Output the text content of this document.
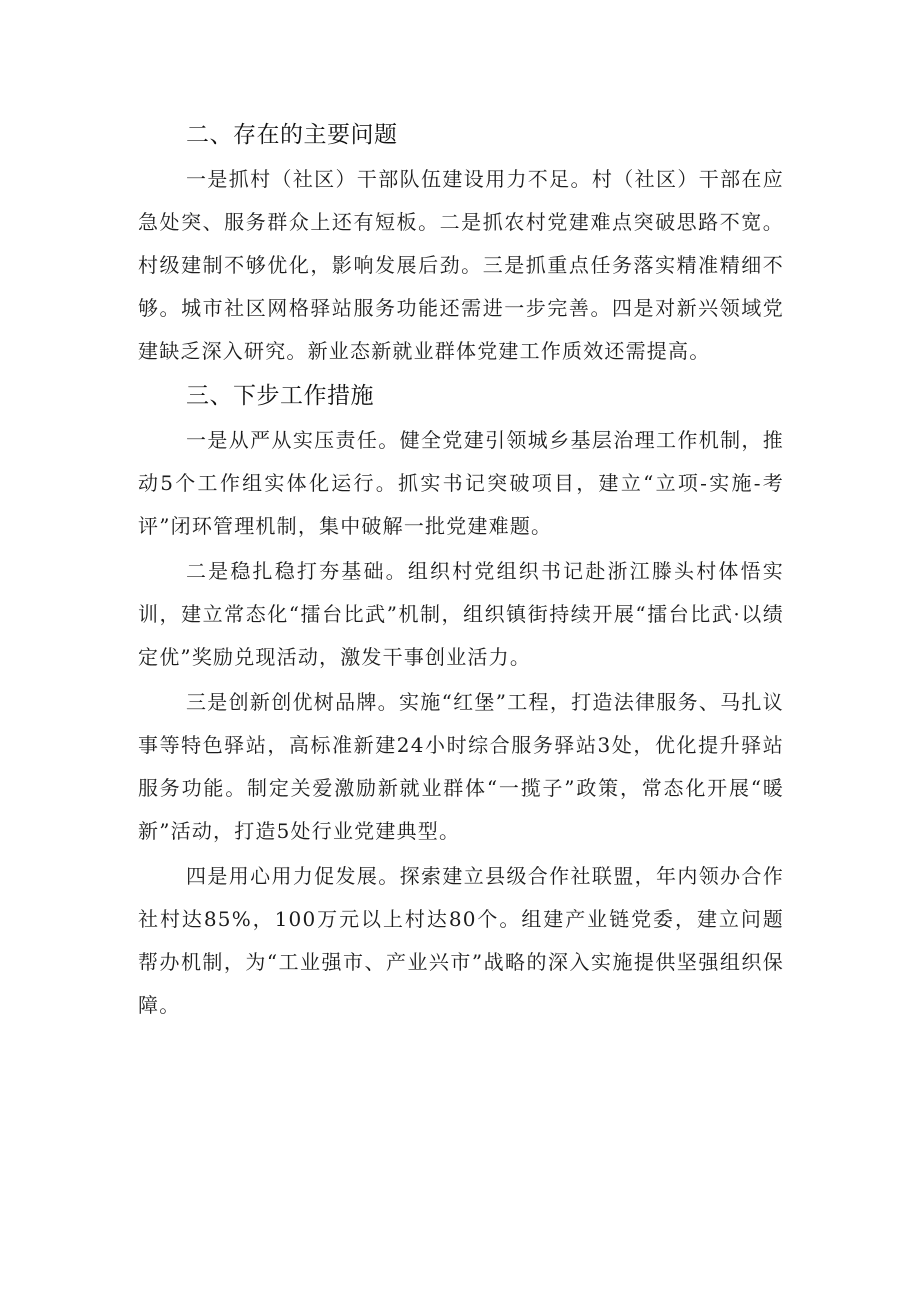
二、存在的主要问题

一是抓村（社区）干部队伍建设用力不足。村（社区）干部在应急处突、服务群众上还有短板。二是抓农村党建难点突破思路不宽。村级建制不够优化，影响发展后劲。三是抓重点任务落实精准精细不够。城市社区网格驿站服务功能还需进一步完善。四是对新兴领域党建缺乏深入研究。新业态新就业群体党建工作质效还需提高。

三、下步工作措施

一是从严从实压责任。健全党建引领城乡基层治理工作机制，推动5个工作组实体化运行。抓实书记突破项目，建立“立项-实施-考评”闭环管理机制，集中破解一批党建难题。

二是稳扎稳打夯基础。组织村党组织书记赴浙江滕头村体悟实训，建立常态化“擂台比武”机制，组织镇街持续开展“擂台比武·以绩定优”奖励兑现活动，激发干事创业活力。

三是创新创优树品牌。实施“红堡”工程，打造法律服务、马扎议事等特色驿站，高标准新建24小时综合服务驿站3处，优化提升驿站服务功能。制定关爱激励新就业群体“一揽子”政策，常态化开展“暖新”活动，打造5处行业党建典型。

四是用心用力促发展。探索建立县级合作社联盟，年内领办合作社村达85%，100万元以上村达80个。组建产业链党委，建立问题帮办机制，为“工业强市、产业兴市”战略的深入实施提供坚强组织保障。
